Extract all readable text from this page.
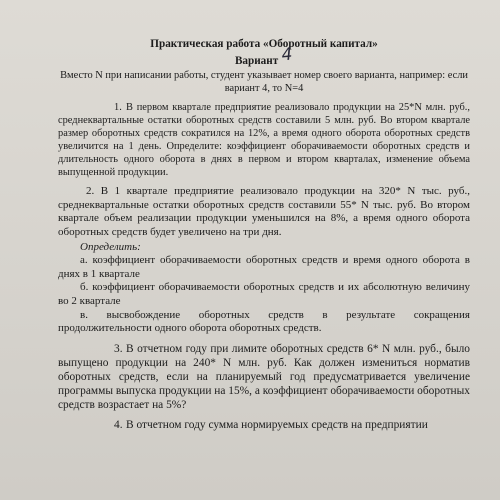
Практическая работа «Оборотный капитал»
Вариант 4

Вместо N при написании работы, студент указывает номер своего варианта, например: если вариант 4, то N=4

1. В первом квартале предприятие реализовало продукции на 25*N млн. руб., среднеквартальные остатки оборотных средств составили 5 млн. руб. Во втором квартале размер оборотных средств сократился на 12%, а время одного оборота оборотных средств увеличится на 1 день. Определите: коэффициент оборачиваемости оборотных средств и длительность одного оборота в днях в первом и втором кварталах, изменение объема выпущенной продукции.

2. В 1 квартале предприятие реализовало продукции на 320* N тыс. руб., среднеквартальные остатки оборотных средств составили 55* N тыс. руб. Во втором квартале объем реализации продукции уменьшился на 8%, а время одного оборота оборотных средств будет увеличено на три дня.

Определить:

а. коэффициент оборачиваемости оборотных средств и время одного оборота в днях в 1 квартале

б. коэффициент оборачиваемости оборотных средств и их абсолютную величину во 2 квартале

в. высвобождение оборотных средств в результате сокращения продолжительности одного оборота оборотных средств.

3. В отчетном году при лимите оборотных средств 6* N млн. руб., было выпущено продукции на 240* N млн. руб. Как должен измениться норматив оборотных средств, если на планируемый год предусматривается увеличение программы выпуска продукции на 15%, а коэффициент оборачиваемости оборотных средств возрастает на 5%?

4. В отчетном году сумма нормируемых средств на предприятии
